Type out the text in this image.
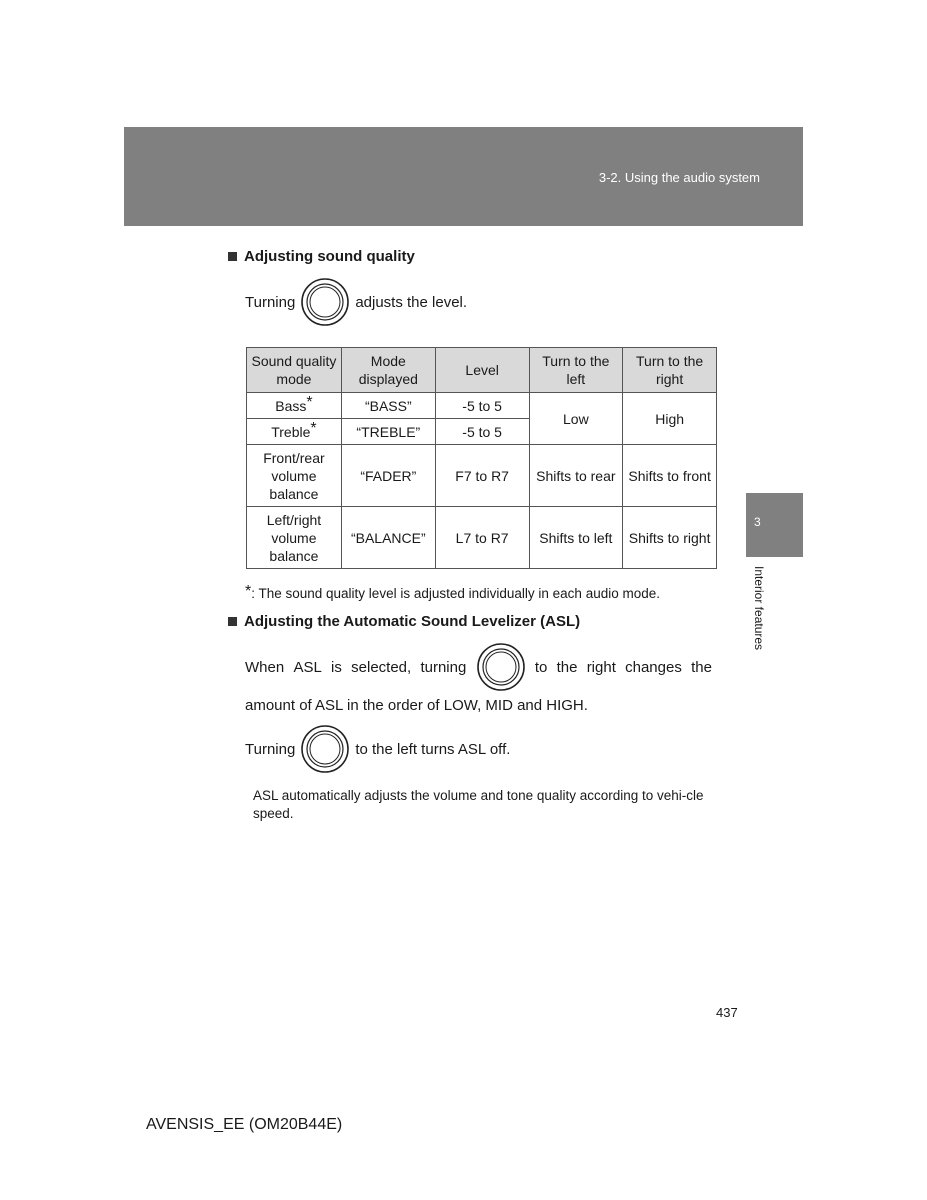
3-2. Using the audio system
3
Interior features
Adjusting sound quality
Turning	adjusts the level.
Sound quality mode	Mode displayed	Level	Turn to the left	Turn to the right
Bass*	“BASS”	-5 to 5	Low	High
Treble*	“TREBLE”	-5 to 5		
Front/rear volume balance	“FADER”	F7 to R7	Shifts to rear	Shifts to front
Left/right volume balance	“BALANCE”	L7 to R7	Shifts to left	Shifts to right
*: The sound quality level is adjusted individually in each audio mode.
Adjusting the Automatic Sound Levelizer (ASL)
When ASL is selected, turning	to the right changes the
amount of ASL in the order of LOW, MID and HIGH.
Turning	to the left turns ASL off.
ASL automatically adjusts the volume and tone quality according to vehi-cle speed.
437
AVENSIS_EE (OM20B44E)
